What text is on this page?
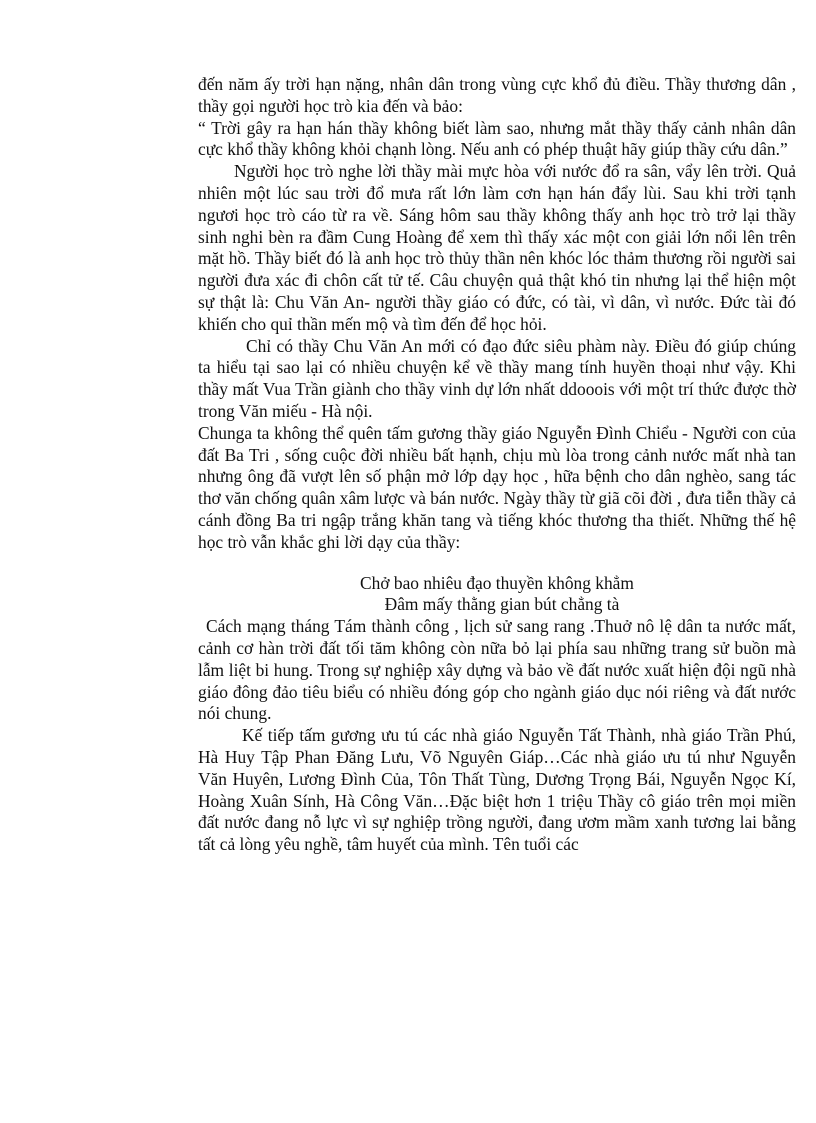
đến năm ấy trời hạn nặng, nhân dân trong vùng cực khổ đủ điều. Thầy thương dân , thầy gọi người học trò kia đến và bảo:

“ Trời gây ra hạn hán thầy không biết làm sao, nhưng mắt thầy thấy cảnh nhân dân cực khổ thầy không khỏi chạnh lòng. Nếu anh có phép thuật hãy giúp thầy cứu dân.”

Người học trò nghe lời thầy mài mực hòa với nước đổ ra sân, vẩy lên trời. Quả nhiên một lúc sau trời đổ mưa rất lớn làm cơn hạn hán đẩy lùi. Sau khi trời tạnh ngươi học trò cáo từ ra về. Sáng hôm sau thầy không thấy anh học trò trở lại thầy sinh nghi bèn ra đầm Cung Hoàng để xem thì thấy xác một con giải lớn nổi lên trên mặt hồ. Thầy biết đó là anh học trò thủy thần nên khóc lóc thảm thương rồi người sai người đưa xác đi chôn cất tử tế. Câu chuyện quả thật khó tin nhưng lại thể hiện một sự thật là: Chu Văn An- người thầy giáo có đức, có tài, vì dân, vì nước. Đức tài đó khiến cho quỉ thần mến mộ và tìm đến để học hỏi.

Chỉ có thầy Chu Văn An mới có đạo đức siêu phàm này. Điều đó giúp chúng ta hiểu tại sao lại có nhiều chuyện kể về thầy mang tính huyền thoại như vậy. Khi thầy mất Vua Trần giành cho thầy vinh dự lớn nhất ddooois với một trí thức được thờ trong Văn miếu - Hà nội.

Chunga ta không thể quên tấm gương thầy giáo Nguyễn Đình Chiểu - Người con của đất Ba Tri , sống cuộc đời nhiều bất hạnh, chịu mù lòa trong cảnh nước mất nhà tan nhưng ông đã vượt lên số phận mở lớp dạy học , hữa bệnh cho dân nghèo, sang tác thơ văn chống quân xâm lược và bán nước. Ngày thầy từ giã cõi đời , đưa tiễn thầy cả cánh đồng Ba tri ngập trắng khăn tang và tiếng khóc thương tha thiết. Những thế hệ học trò vẫn khắc ghi lời dạy của thầy:

Chở bao nhiêu đạo thuyền không khẳm
Đâm mấy thằng gian bút chẳng tà

Cách mạng tháng Tám thành công , lịch sử sang rang .Thuở nô lệ dân ta nước mất, cảnh cơ hàn trời đất tối tăm không còn nữa bỏ lại phía sau những trang sử buồn mà lẫm liệt bi hung. Trong sự nghiệp xây dựng và bảo về đất nước xuất hiện đội ngũ nhà giáo đông đảo tiêu biểu có nhiều đóng góp cho ngành giáo dục nói riêng và đất nước nói chung.

Kế tiếp tấm gương ưu tú các nhà giáo Nguyễn Tất Thành, nhà giáo Trần Phú, Hà Huy Tập Phan Đăng Lưu, Võ Nguyên Giáp…Các nhà giáo ưu tú như Nguyễn Văn Huyên, Lương Đình Của, Tôn Thất Tùng, Dương Trọng Bái, Nguyễn Ngọc Kí, Hoàng Xuân Sính, Hà Công Văn…Đặc biệt hơn 1 triệu Thầy cô giáo trên mọi miền đất nước đang nỗ lực vì sự nghiệp trồng người, đang ươm mầm xanh tương lai bằng tất cả lòng yêu nghề, tâm huyết của mình. Tên tuổi các
